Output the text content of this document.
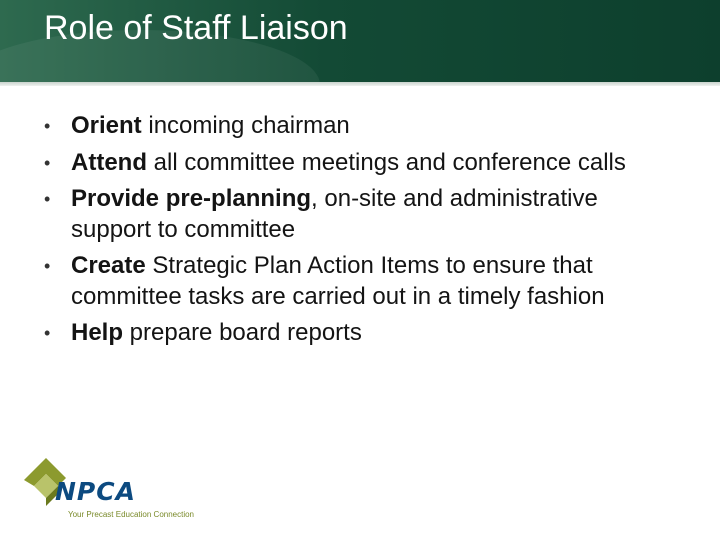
Role of Staff Liaison
• Orient incoming chairman
• Attend all committee meetings and conference calls
• Provide pre-planning, on-site and administrative support to committee
• Create Strategic Plan Action Items to ensure that committee tasks are carried out in a timely fashion
• Help prepare board reports
NPCA
Your Precast Education Connection
